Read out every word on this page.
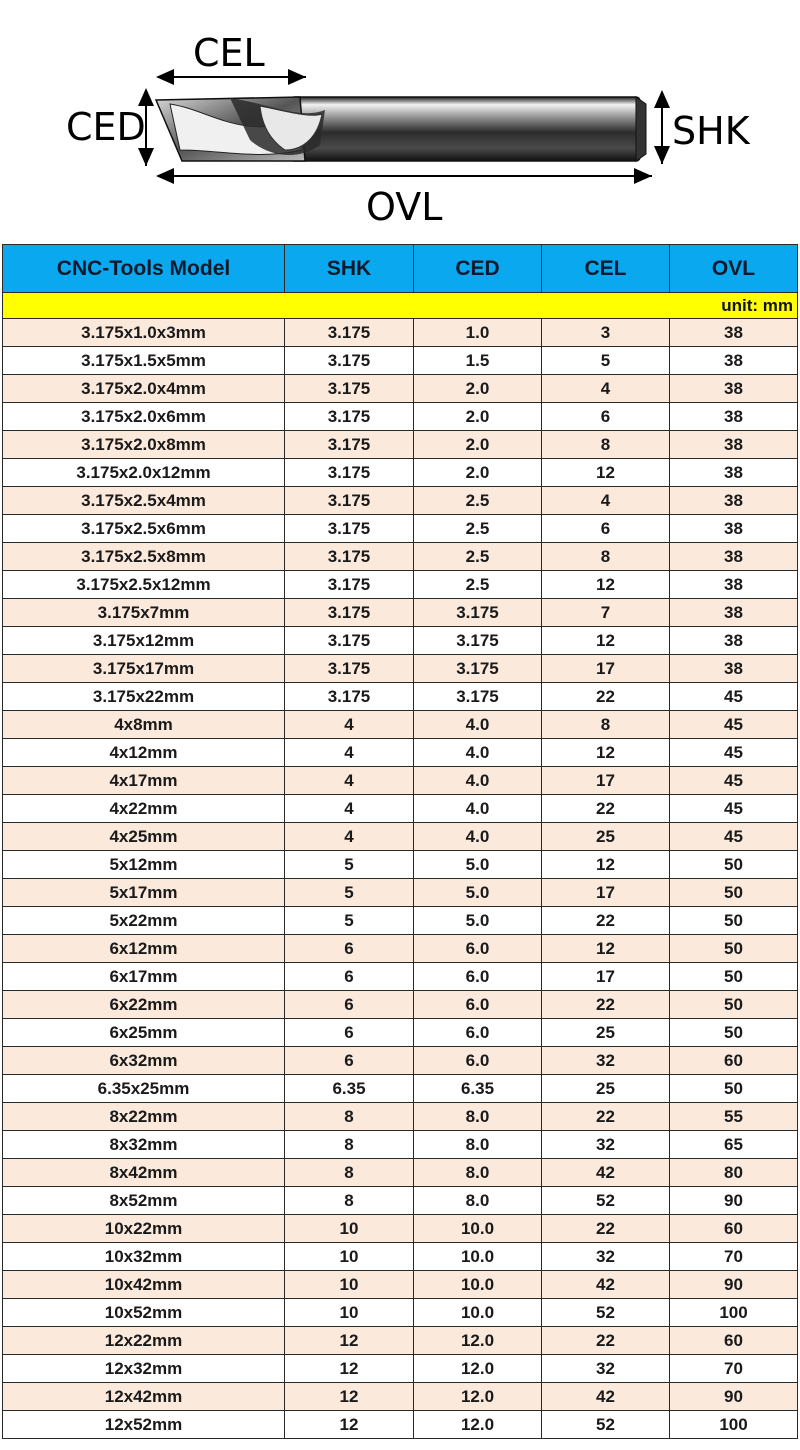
CEL
CED	SHK
OVL
CNC-Tools Model	SHK	CED	CEL	OVL
unit: mm				
3.175x1.0x3mm	3.175	1.0	3	38
3.175x1.5x5mm	3.175	1.5	5	38
3.175x2.0x4mm	3.175	2.0	4	38
3.175x2.0x6mm	3.175	2.0	6	38
3.175x2.0x8mm	3.175	2.0	8	38
3.175x2.0x12mm	3.175	2.0	12	38
3.175x2.5x4mm	3.175	2.5	4	38
3.175x2.5x6mm	3.175	2.5	6	38
3.175x2.5x8mm	3.175	2.5	8	38
3.175x2.5x12mm	3.175	2.5	12	38
3.175x7mm	3.175	3.175	7	38
3.175x12mm	3.175	3.175	12	38
3.175x17mm	3.175	3.175	17	38
3.175x22mm	3.175	3.175	22	45
4x8mm	4	4.0	8	45
4x12mm	4	4.0	12	45
4x17mm	4	4.0	17	45
4x22mm	4	4.0	22	45
4x25mm	4	4.0	25	45
5x12mm	5	5.0	12	50
5x17mm	5	5.0	17	50
5x22mm	5	5.0	22	50
6x12mm	6	6.0	12	50
6x17mm	6	6.0	17	50
6x22mm	6	6.0	22	50
6x25mm	6	6.0	25	50
6x32mm	6	6.0	32	60
6.35x25mm	6.35	6.35	25	50
8x22mm	8	8.0	22	55
8x32mm	8	8.0	32	65
8x42mm	8	8.0	42	80
8x52mm	8	8.0	52	90
10x22mm	10	10.0	22	60
10x32mm	10	10.0	32	70
10x42mm	10	10.0	42	90
10x52mm	10	10.0	52	100
12x22mm	12	12.0	22	60
12x32mm	12	12.0	32	70
12x42mm	12	12.0	42	90
12x52mm	12	12.0	52	100
